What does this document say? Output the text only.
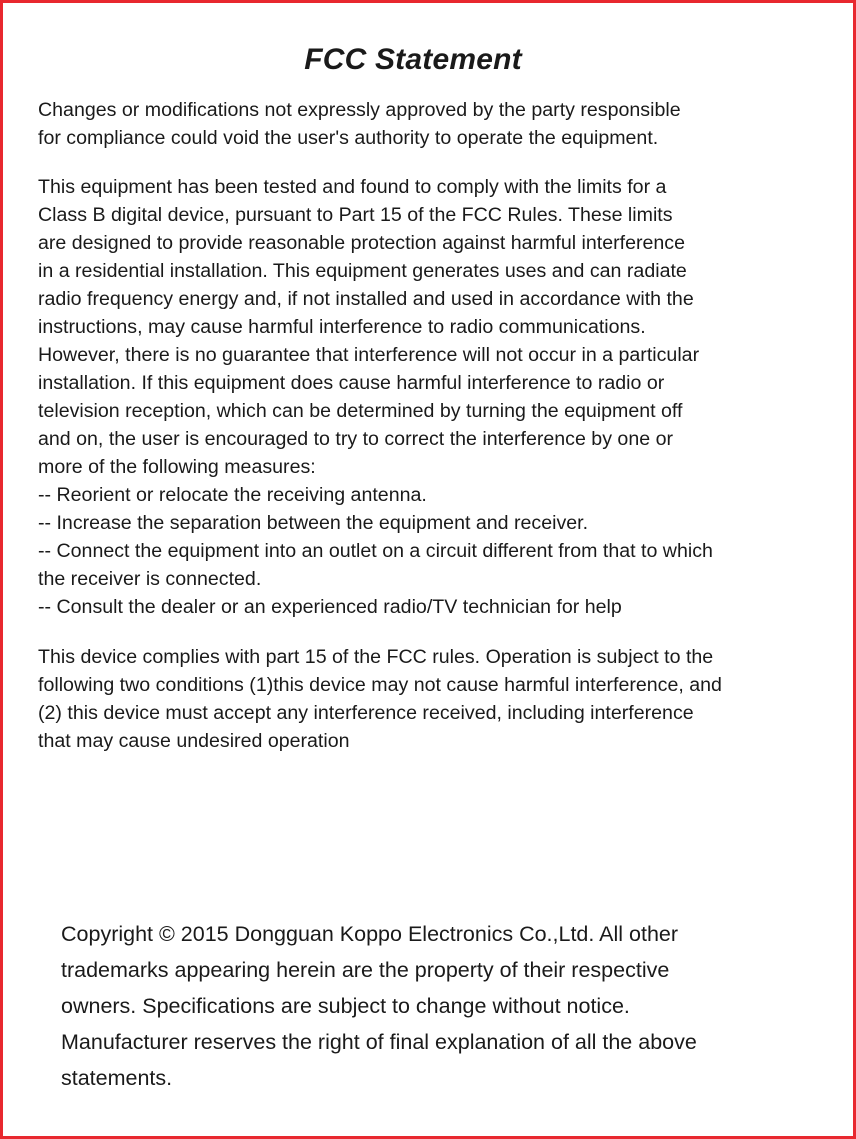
FCC Statement

Changes or modifications not expressly approved by the party responsible
for compliance could void the user's authority to operate the equipment.

This equipment has been tested and found to comply with the limits for a
Class B digital device, pursuant to Part 15 of the FCC Rules. These limits
are designed to provide reasonable protection against harmful interference
in a residential installation. This equipment generates uses and can radiate
radio frequency energy and, if not installed and used in accordance with the
instructions, may cause harmful interference to radio communications.
However, there is no guarantee that interference will not occur in a particular
installation. If this equipment does cause harmful interference to radio or
television reception, which can be determined by turning the equipment off
and on, the user is encouraged to try to correct the interference by one or
more of the following measures:
-- Reorient or relocate the receiving antenna.
-- Increase the separation between the equipment and receiver.
-- Connect the equipment into an outlet on a circuit different from that to which
the receiver is connected.
-- Consult the dealer or an experienced radio/TV technician for help

This device complies with part 15 of the FCC rules. Operation is subject to the
following two conditions (1)this device may not cause harmful interference, and
(2) this device must accept any interference received, including interference
that may cause undesired operation

Copyright © 2015 Dongguan Koppo Electronics Co.,Ltd. All other
trademarks appearing herein are the property of their respective
owners. Specifications are subject to change without notice.
Manufacturer reserves the right of final explanation of all the above
statements.
